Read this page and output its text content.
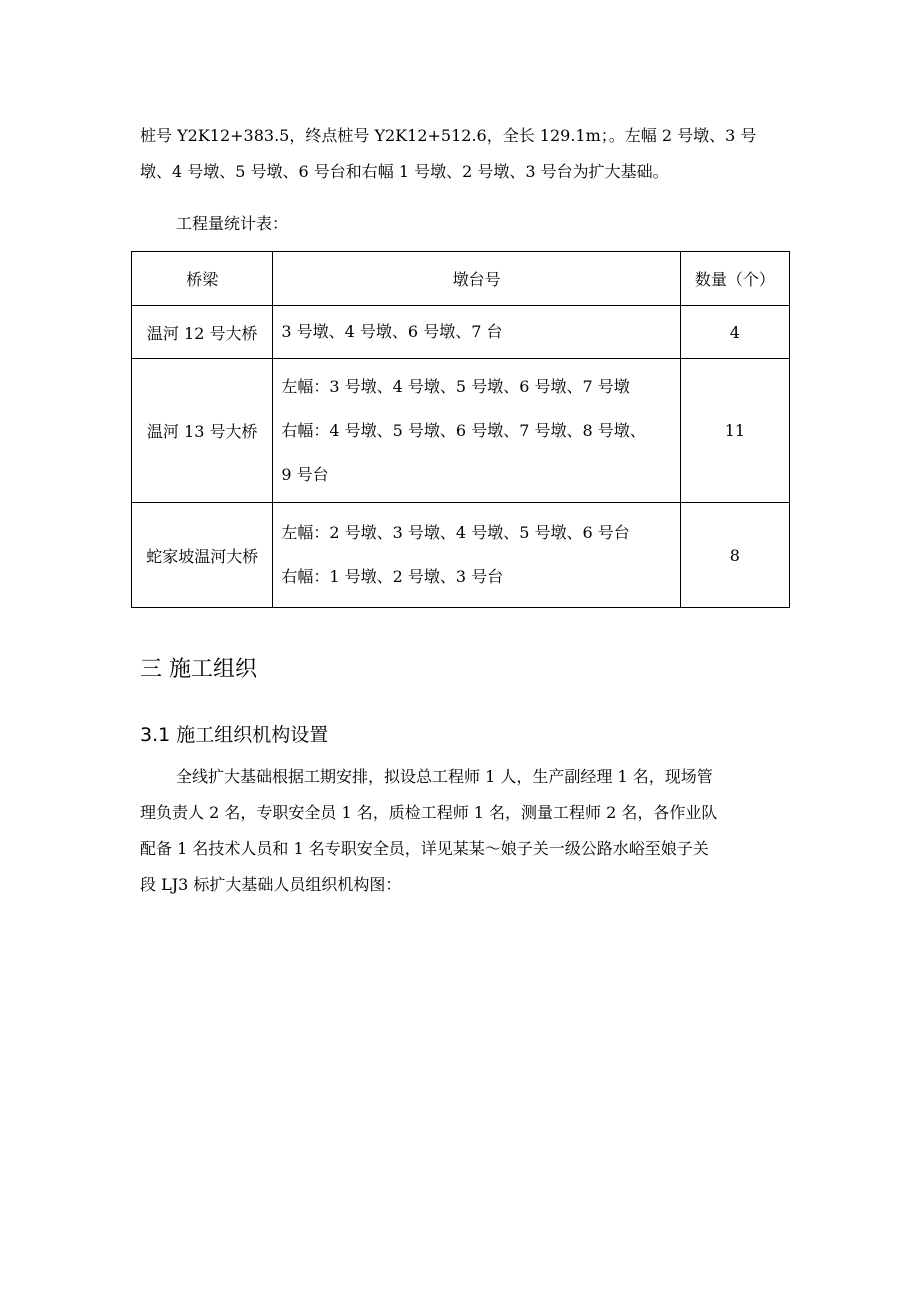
桩号 Y2K12+383.5，终点桩号 Y2K12+512.6，全长 129.1m；。左幅 2 号墩、3 号
墩、4 号墩、5 号墩、6 号台和右幅 1 号墩、2 号墩、3 号台为扩大基础。

工程量统计表：
桥梁	墩台号	数量（个）
温河 12 号大桥	3 号墩、4 号墩、6 号墩、7 台	4
温河 13 号大桥	左幅：3 号墩、4 号墩、5 号墩、6 号墩、7 号墩
右幅：4 号墩、5 号墩、6 号墩、7 号墩、8 号墩、
9 号台	11
蛇家坡温河大桥	左幅：2 号墩、3 号墩、4 号墩、5 号墩、6 号台
右幅：1 号墩、2 号墩、3 号台	8
三 施工组织
3.1 施工组织机构设置

全线扩大基础根据工期安排，拟设总工程师 1 人，生产副经理 1 名，现场管
理负责人 2 名，专职安全员 1 名，质检工程师 1 名，测量工程师 2 名，各作业队
配备 1 名技术人员和 1 名专职安全员，详见某某～娘子关一级公路水峪至娘子关
段 LJ3 标扩大基础人员组织机构图：
